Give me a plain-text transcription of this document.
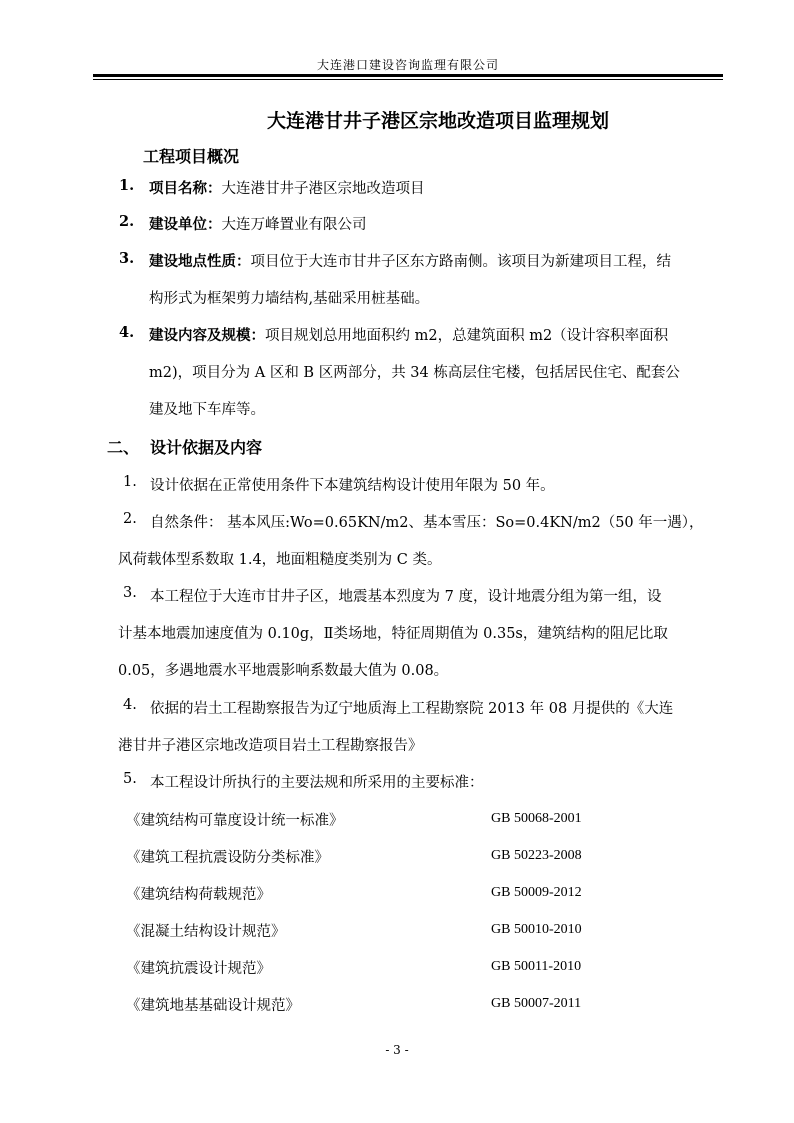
大连港口建设咨询监理有限公司
大连港甘井子港区宗地改造项目监理规划
工程项目概况
1. 项目名称：大连港甘井子港区宗地改造项目
2. 建设单位：大连万峰置业有限公司
3. 建设地点性质：项目位于大连市甘井子区东方路南侧。该项目为新建项目工程，结
构形式为框架剪力墙结构,基础采用桩基础。
4. 建设内容及规模：项目规划总用地面积约 m2，总建筑面积 m2（设计容积率面积
m2)，项目分为 A 区和 B 区两部分，共 34 栋高层住宅楼，包括居民住宅、配套公
建及地下车库等。
二、 设计依据及内容
1. 设计依据在正常使用条件下本建筑结构设计使用年限为 50 年。
2. 自然条件： 基本风压:Wo=0.65KN/m2、基本雪压：So=0.4KN/m2（50 年一遇），
风荷载体型系数取 1.4，地面粗糙度类别为 C 类。
3. 本工程位于大连市甘井子区，地震基本烈度为 7 度，设计地震分组为第一组，设
计基本地震加速度值为 0.10g，Ⅱ类场地，特征周期值为 0.35s，建筑结构的阻尼比取
0.05，多遇地震水平地震影响系数最大值为 0.08。
4. 依据的岩土工程勘察报告为辽宁地质海上工程勘察院 2013 年 08 月提供的《大连
港甘井子港区宗地改造项目岩土工程勘察报告》
5. 本工程设计所执行的主要法规和所采用的主要标准：
《建筑结构可靠度设计统一标准》	GB 50068-2001
《建筑工程抗震设防分类标准》	GB 50223-2008
《建筑结构荷载规范》	GB 50009-2012
《混凝土结构设计规范》	GB 50010-2010
《建筑抗震设计规范》	GB 50011-2010
《建筑地基基础设计规范》	GB 50007-2011
- 3 -
